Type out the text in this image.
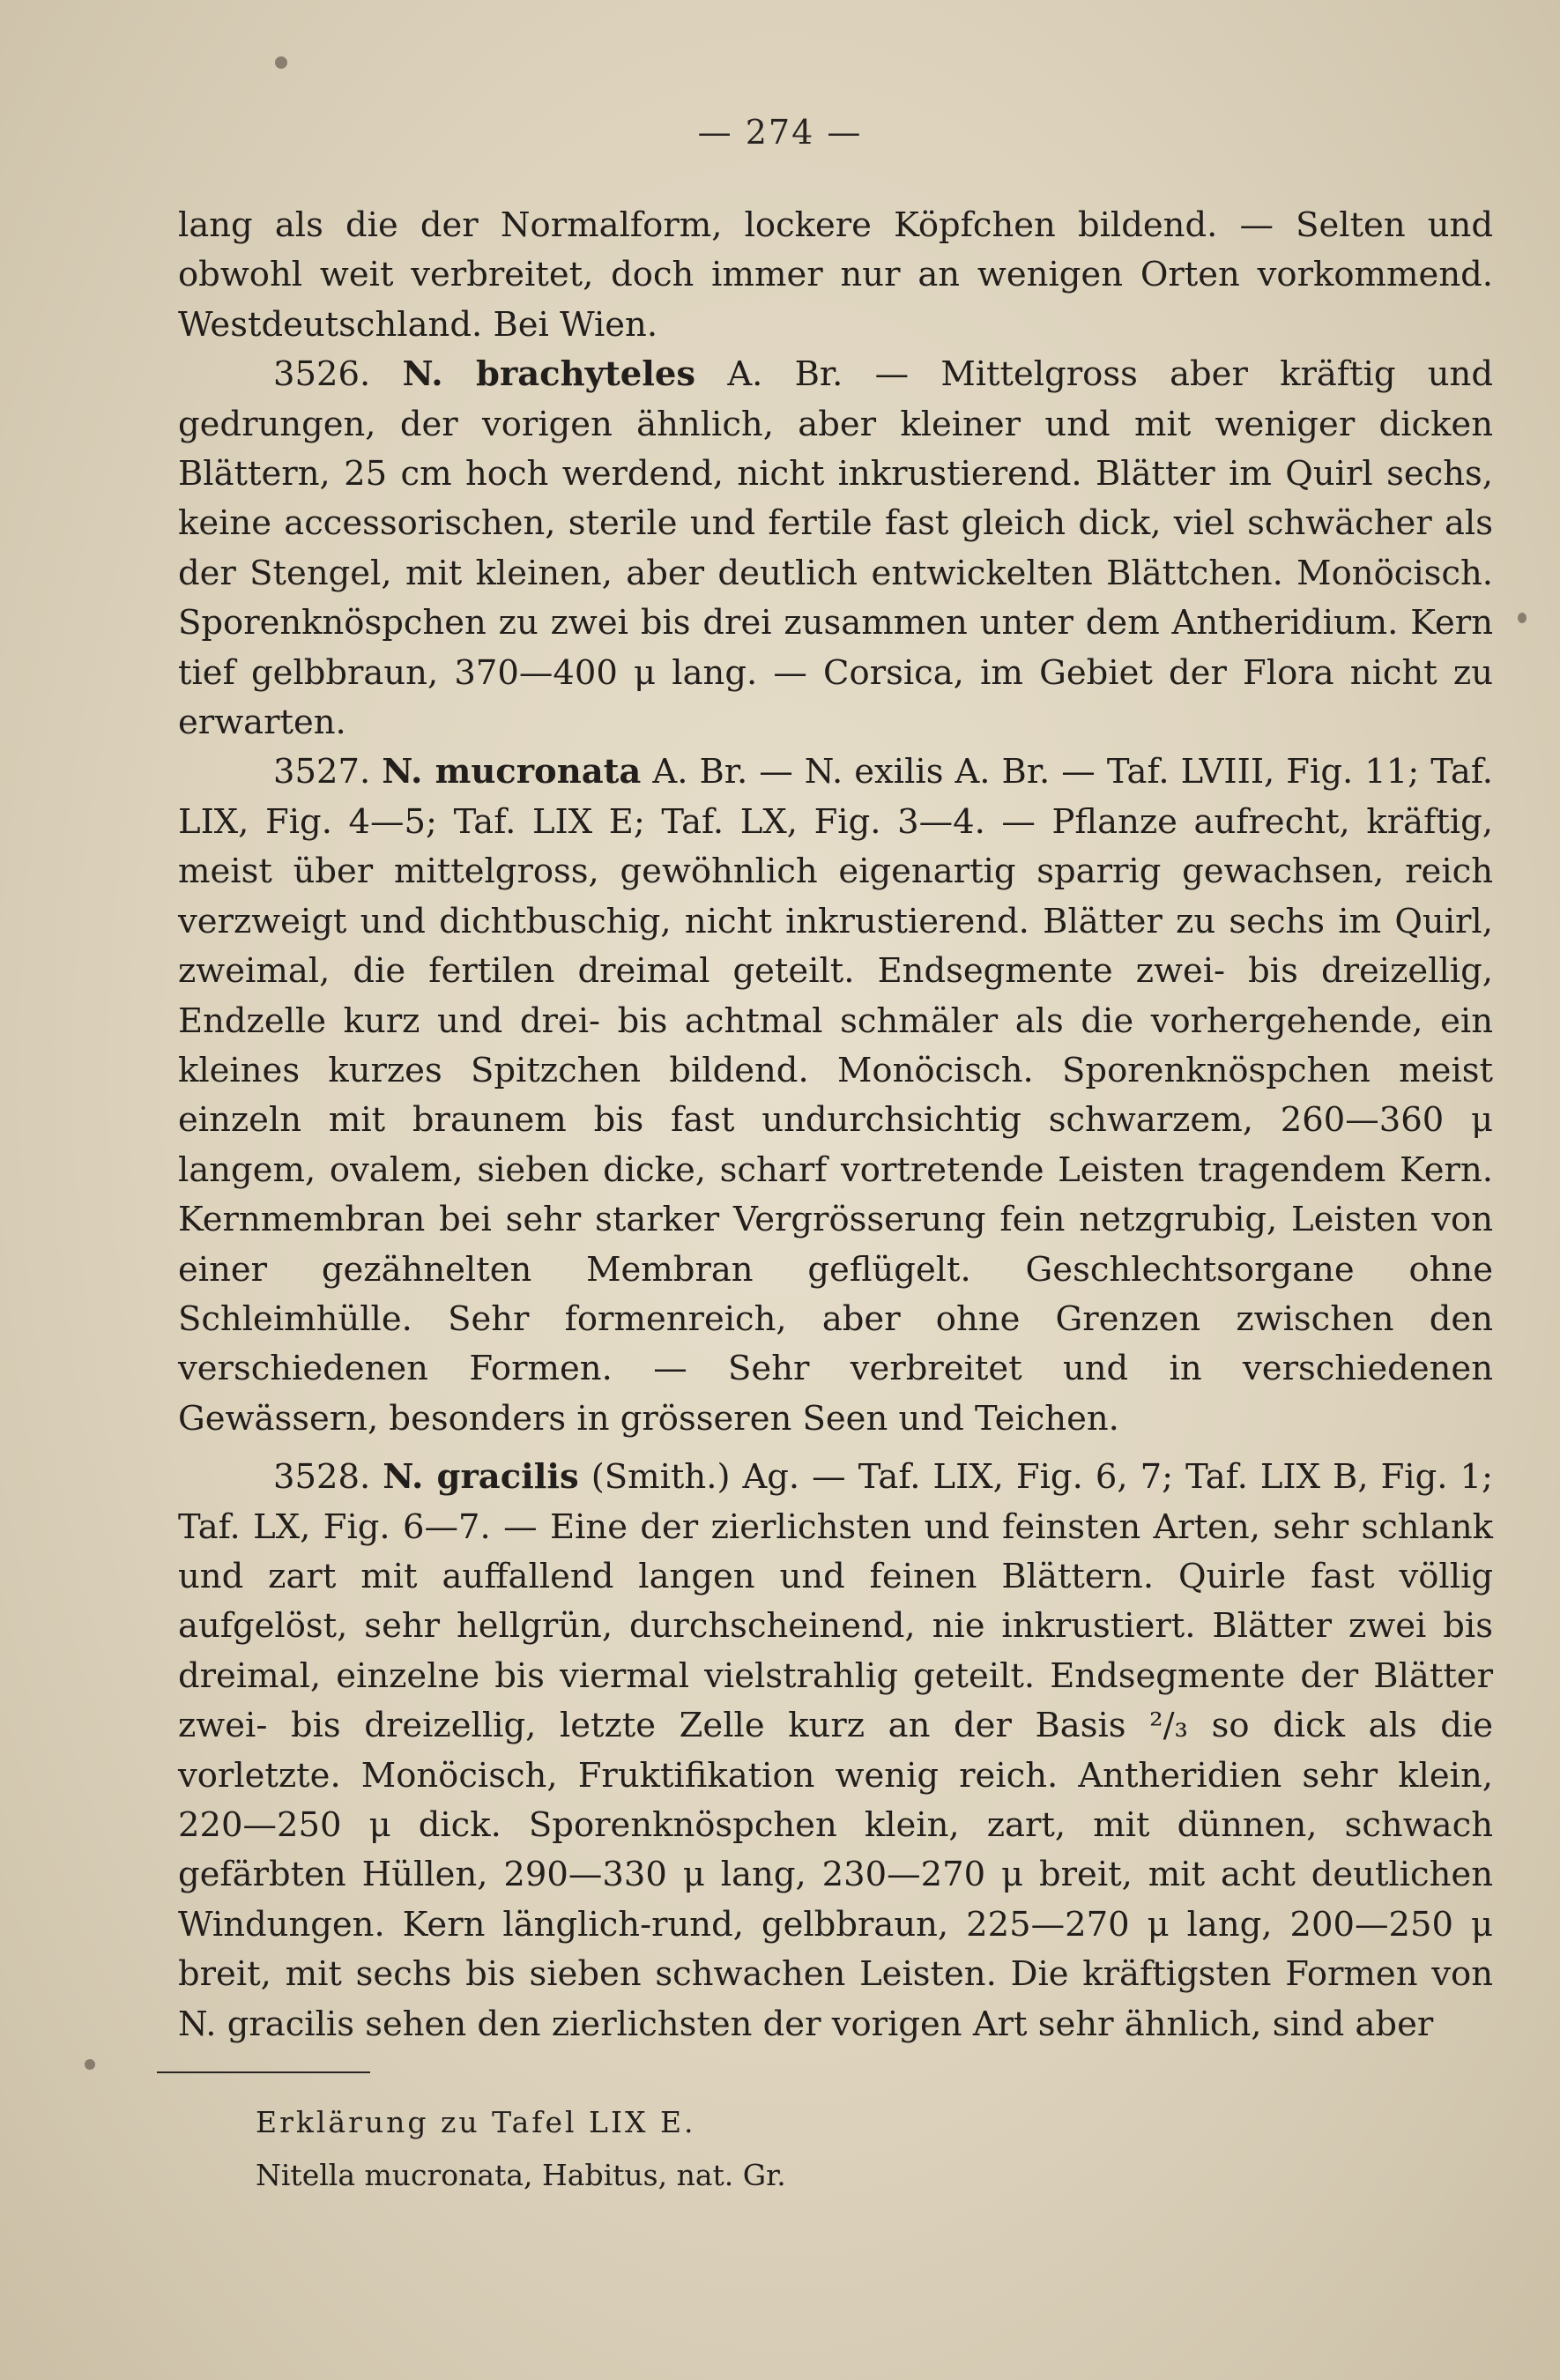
— 274 —

lang als die der Normalform, lockere Köpfchen bildend. — Selten und obwohl weit verbreitet, doch immer nur an wenigen Orten vorkommend. Westdeutschland. Bei Wien.

3526. N. brachyteles A. Br. — Mittelgross aber kräftig und gedrungen, der vorigen ähnlich, aber kleiner und mit weniger dicken Blättern, 25 cm hoch werdend, nicht inkrustierend. Blätter im Quirl sechs, keine accessorischen, sterile und fertile fast gleich dick, viel schwächer als der Stengel, mit kleinen, aber deutlich entwickelten Blättchen. Monöcisch. Sporenknöspchen zu zwei bis drei zusammen unter dem Antheridium. Kern tief gelbbraun, 370—400 μ lang. — Corsica, im Gebiet der Flora nicht zu erwarten.

3527. N. mucronata A. Br. — N. exilis A. Br. — Taf. LVIII, Fig. 11; Taf. LIX, Fig. 4—5; Taf. LIX E; Taf. LX, Fig. 3—4. — Pflanze aufrecht, kräftig, meist über mittelgross, gewöhnlich eigenartig sparrig gewachsen, reich verzweigt und dichtbuschig, nicht inkrustierend. Blätter zu sechs im Quirl, zweimal, die fertilen dreimal geteilt. Endsegmente zwei- bis dreizellig, Endzelle kurz und drei- bis achtmal schmäler als die vorhergehende, ein kleines kurzes Spitzchen bildend. Monöcisch. Sporenknöspchen meist einzeln mit braunem bis fast undurchsichtig schwarzem, 260—360 μ langem, ovalem, sieben dicke, scharf vortretende Leisten tragendem Kern. Kernmembran bei sehr starker Vergrösserung fein netzgrubig, Leisten von einer gezähnelten Membran geflügelt. Geschlechtsorgane ohne Schleimhülle. Sehr formenreich, aber ohne Grenzen zwischen den verschiedenen Formen. — Sehr verbreitet und in verschiedenen Gewässern, besonders in grösseren Seen und Teichen.

3528. N. gracilis (Smith.) Ag. — Taf. LIX, Fig. 6, 7; Taf. LIX B, Fig. 1; Taf. LX, Fig. 6—7. — Eine der zierlichsten und feinsten Arten, sehr schlank und zart mit auffallend langen und feinen Blättern. Quirle fast völlig aufgelöst, sehr hellgrün, durchscheinend, nie inkrustiert. Blätter zwei bis dreimal, einzelne bis viermal vielstrahlig geteilt. Endsegmente der Blätter zwei- bis dreizellig, letzte Zelle kurz an der Basis ²/₃ so dick als die vorletzte. Monöcisch, Fruktifikation wenig reich. Antheridien sehr klein, 220—250 μ dick. Sporenknöspchen klein, zart, mit dünnen, schwach gefärbten Hüllen, 290—330 μ lang, 230—270 μ breit, mit acht deutlichen Windungen. Kern länglich-rund, gelbbraun, 225—270 μ lang, 200—250 μ breit, mit sechs bis sieben schwachen Leisten. Die kräftigsten Formen von N. gracilis sehen den zierlichsten der vorigen Art sehr ähnlich, sind aber

Erklärung zu Tafel LIX E.
Nitella mucronata, Habitus, nat. Gr.
